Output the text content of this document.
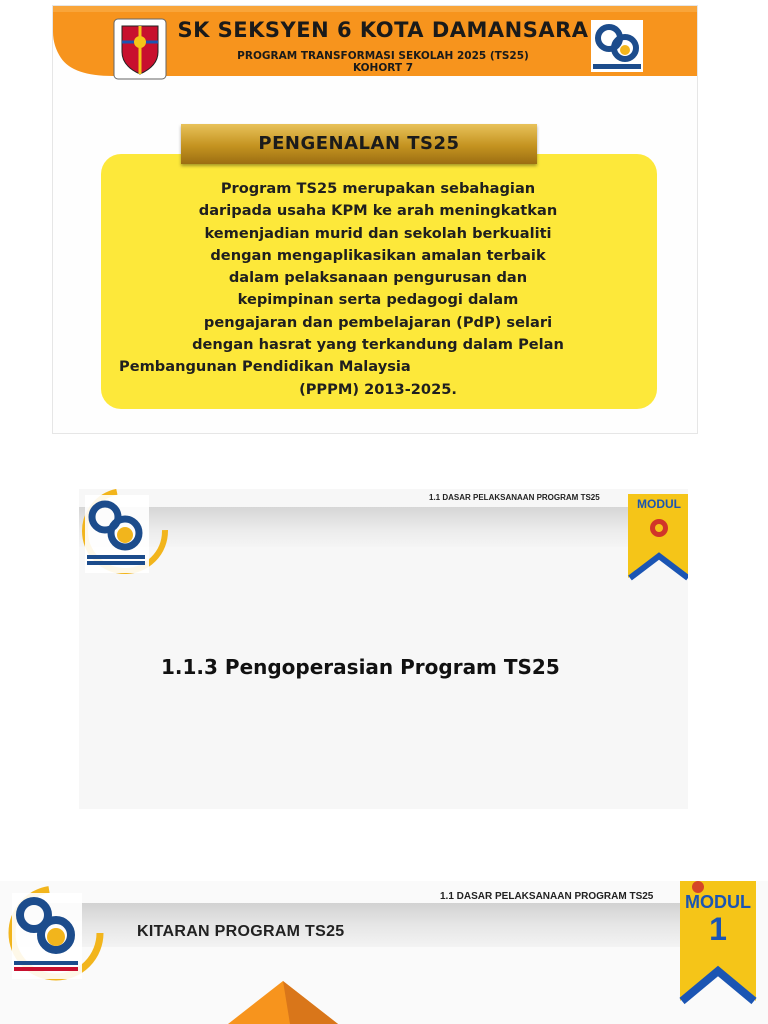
SK SEKSYEN 6 KOTA DAMANSARA
PROGRAM TRANSFORMASI SEKOLAH 2025 (TS25)
KOHORT 7
PENGENALAN TS25

Program TS25 merupakan sebahagian
daripada usaha KPM ke arah meningkatkan
kemenjadian murid dan sekolah berkualiti
dengan mengaplikasikan amalan terbaik
dalam pelaksanaan pengurusan dan
kepimpinan serta pedagogi dalam
pengajaran dan pembelajaran (PdP) selari
dengan hasrat yang terkandung dalam Pelan
Pembangunan Pendidikan Malaysia
(PPPM) 2013-2025.

1.1 DASAR PELAKSANAAN PROGRAM TS25	MODUL
1.1.3 Pengoperasian Program TS25
1.1 DASAR PELAKSANAAN PROGRAM TS25
KITARAN PROGRAM TS25
MODUL
1
